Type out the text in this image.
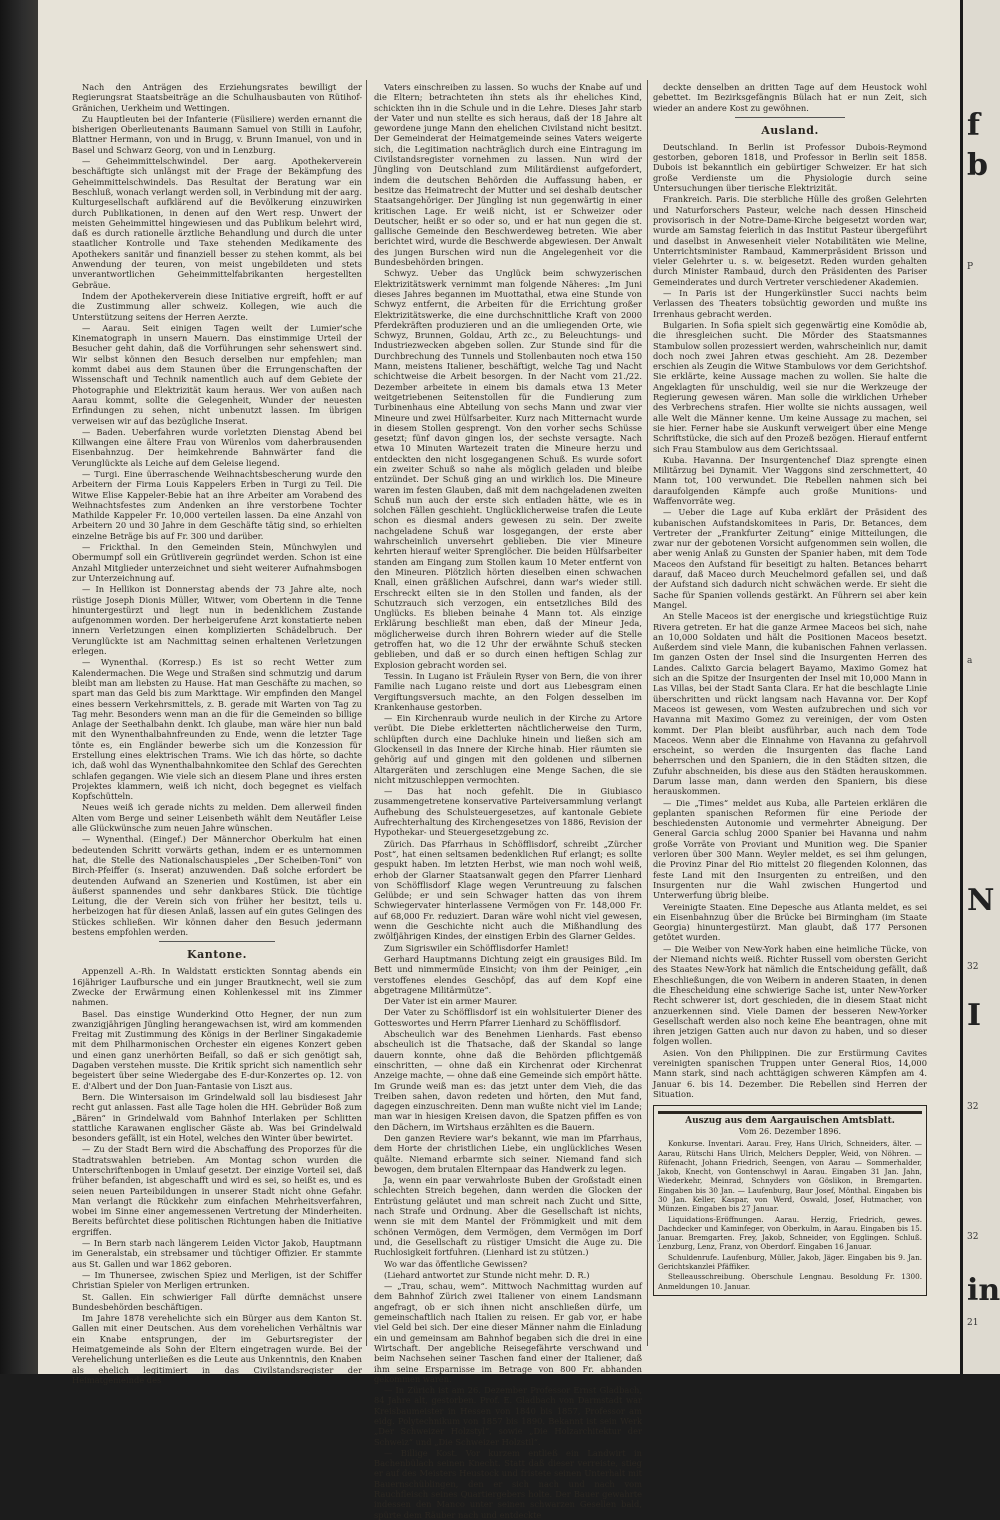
Nach den Anträgen des Erziehungsrates bewilligt der Regierungsrat Staatsbeiträge an die Schulhausbauten von Rütihof-Gränichen, Uerkheim und Wettingen.

Zu Hauptleuten bei der Infanterie (Füsiliere) werden ernannt die bisherigen Oberlieutenants Baumann Samuel von Stilli in Laufohr, Blattner Hermann, von und in Brugg, v. Brunn Imanuel, von und in Basel und Schwarz Georg, von und in Lenzburg.

— Geheimmittelschwindel. Der aarg. Apothekerverein beschäftigte sich unlängst mit der Frage der Bekämpfung des Geheimmittelschwindels. Das Resultat der Beratung war ein Beschluß, wonach verlangt werden soll, in Verbindung mit der aarg. Kulturgesellschaft aufklärend auf die Bevölkerung einzuwirken durch Publikationen, in denen auf den Wert resp. Unwert der meisten Geheimmittel hingewiesen und das Publikum belehrt wird, daß es durch rationelle ärztliche Behandlung und durch die unter staatlicher Kontrolle und Taxe stehenden Medikamente des Apothekers sanitär und finanziell besser zu stehen kommt, als bei Anwendung der teuren, von meist ungebildeten und stets unverantwortlichen Geheimmittelfabrikanten hergestellten Gebräue.

Indem der Apothekerverein diese Initiative ergreift, hofft er auf die Zustimmung aller schweiz. Kollegen, wie auch die Unterstützung seitens der Herren Aerzte.

— Aarau. Seit einigen Tagen weilt der Lumier'sche Kinematograph in unsern Mauern. Das einstimmige Urteil der Besucher geht dahin, daß die Vorführungen sehr sehenswert sind. Wir selbst können den Besuch derselben nur empfehlen; man kommt dabei aus dem Staunen über die Errungenschaften der Wissenschaft und Technik namentlich auch auf dem Gebiete der Photographie und Elektrizität kaum heraus. Wer von außen nach Aarau kommt, sollte die Gelegenheit, Wunder der neuesten Erfindungen zu sehen, nicht unbenutzt lassen. Im übrigen verweisen wir auf das bezügliche Inserat.

— Baden. Ueberfahren wurde vorletzten Dienstag Abend bei Killwangen eine ältere Frau von Würenlos vom daherbrausenden Eisenbahnzug. Der heimkehrende Bahnwärter fand die Verunglückte als Leiche auf dem Geleise liegend.

— Turgi. Eine überraschende Weihnachtsbescherung wurde den Arbeitern der Firma Louis Kappelers Erben in Turgi zu Teil. Die Witwe Elise Kappeler-Bebie hat an ihre Arbeiter am Vorabend des Weihnachtsfestes zum Andenken an ihre verstorbene Tochter Mathilde Kappeler Fr. 10,000 verteilen lassen. Da eine Anzahl von Arbeitern 20 und 30 Jahre in dem Geschäfte tätig sind, so erhielten einzelne Beträge bis auf Fr. 300 und darüber.

— Frickthal. In den Gemeinden Stein, Münchwylen und Obermumpf soll ein Grütliverein gegründet werden. Schon ist eine Anzahl Mitglieder unterzeichnet und sieht weiterer Aufnahmsbogen zur Unterzeichnung auf.

— In Hellikon ist Donnerstag abends der 73 Jahre alte, noch rüstige Joseph Dionis Müller, Witwer, vom Obertenn in die Tenne hinuntergestürzt und liegt nun in bedenklichem Zustande aufgenommen worden. Der herbeigerufene Arzt konstatierte neben innern Verletzungen einen komplizierten Schädelbruch. Der Verunglückte ist am Nachmittag seinen erhaltenen Verletzungen erlegen.

— Wynenthal. (Korresp.) Es ist so recht Wetter zum Kalendermachen. Die Wege und Straßen sind schmutzig und darum bleibt man am liebsten zu Hause. Hat man Geschäfte zu machen, so spart man das Geld bis zum Markttage. Wir empfinden den Mangel eines bessern Verkehrsmittels, z. B. gerade mit Warten von Tag zu Tag mehr. Besonders wenn man an die für die Gemeinden so billige Anlage der Seethalbahn denkt. Ich glaube, man wäre hier nun bald mit den Wynenthalbahnfreunden zu Ende, wenn die letzter Tage tönte es, ein Engländer bewerbe sich um die Konzession für Erstellung eines elektrischen Trams. Wie ich das hörte, so dachte ich, daß wohl das Wynenthalbahnkomitee den Schlaf des Gerechten schlafen gegangen. Wie viele sich an diesem Plane und ihres ersten Projektes klammern, weiß ich nicht, doch begegnet es vielfach Kopfschütteln.

Neues weiß ich gerade nichts zu melden. Dem allerweil finden Alten vom Berge und seiner Leisenbeth wählt dem Neutäfler Leise alle Glückwünsche zum neuen Jahre wünschen.

— Wynenthal. (Eingef.) Der Männerchor Oberkulm hat einen bedeutenden Schritt vorwärts gethan, indem er es unternommen hat, die Stelle des Nationalschauspieles „Der Scheiben-Toni“ von Birch-Pfeiffer (s. Inserat) anzuwenden. Daß solche erfordert be deutenden Aufwand an Szenerien und Kostümen, ist aber ein äußerst spannendes und sehr dankbares Stück. Die tüchtige Leitung, die der Verein sich von früher her besitzt, teils u. herbeizogen hat für diesen Anlaß, lassen auf ein gutes Gelingen des Stückes schließen. Wir können daher den Besuch jedermann bestens empfohlen werden.

Kantone.

Appenzell A.-Rh. In Waldstatt erstickten Sonntag abends ein 16jähriger Laufbursche und ein junger Brautknecht, weil sie zum Zwecke der Erwärmung einen Kohlenkessel mit ins Zimmer nahmen.

Basel. Das einstige Wunderkind Otto Hegner, der nun zum zwanzigjährigen Jüngling herangewachsen ist, wird am kommenden Freitag mit Zustimmung des Königs in der Berliner Singakademie mit dem Philharmonischen Orchester ein eigenes Konzert geben und einen ganz unerhörten Beifall, so daß er sich genötigt sah, Dagaben verstehen musste. Die Kritik spricht sich namentlich sehr begeistert über seine Wiedergabe des E-dur-Konzertes op. 12. von E. d'Albert und der Don Juan-Fantasie von Liszt aus.

Bern. Die Wintersaison im Grindelwald soll lau bisdiesest Jahr recht gut anlassen. Fast alle Tage holen die HH. Gebrüder Boß zum „Bären“ in Grindelwald vom Bahnhof Interlaken per Schlitten stattliche Karawanen englischer Gäste ab. Was bei Grindelwald besonders gefällt, ist ein Hotel, welches den Winter über bewirtet.

— Zu der Stadt Bern wird die Abschaffung des Proporzes für die Stadtratswahlen betrieben. Am Montag schon wurden die Unterschriftenbogen in Umlauf gesetzt. Der einzige Vorteil sei, daß früher befanden, ist abgeschafft und wird es sei, so heißt es, und es seien neuen Parteibildungen in unserer Stadt nicht ohne Gefahr. Man verlangt die Rückkehr zum einfachen Mehrheitsverfahren, wobei im Sinne einer angemessenen Vertretung der Minderheiten. Bereits befürchtet diese politischen Richtungen haben die Initiative ergriffen.

— In Bern starb nach längerem Leiden Victor Jakob, Hauptmann im Generalstab, ein strebsamer und tüchtiger Offizier. Er stammte aus St. Gallen und war 1862 geboren.

— Im Thunersee, zwischen Spiez und Merligen, ist der Schiffer Christian Spieler von Merligen ertrunken.

St. Gallen. Ein schwieriger Fall dürfte demnächst unsere Bundesbehörden beschäftigen.

Im Jahre 1878 verehelichte sich ein Bürger aus dem Kanton St. Gallen mit einer Deutschen. Aus dem vorehelichen Verhältnis war ein Knabe entsprungen, der im Geburtsregister der Heimatgemeinde als Sohn der Eltern eingetragen wurde. Bei der Verehelichung unterließen es die Leute aus Unkenntnis, den Knaben als ehelich legitimiert in das Civilstandsregister der Heimatgemeinde des

Vaters einschreiben zu lassen. So wuchs der Knabe auf und die Eltern; betrachteten ihn stets als ihr eheliches Kind, schickten ihn in die Schule und in die Lehre. Dieses Jahr starb der Vater und nun stellte es sich heraus, daß der 18 Jahre alt gewordene junge Mann den ehelichen Civilstand nicht besitzt. Der Gemeinderat der Heimatgemeinde seines Vaters weigerte sich, die Legitimation nachträglich durch eine Eintragung im Civilstandsregister vornehmen zu lassen. Nun wird der Jüngling von Deutschland zum Militärdienst aufgefordert, indem die deutschen Behörden die Auffassung haben, er besitze das Heimatrecht der Mutter und sei deshalb deutscher Staatsangehöriger. Der Jüngling ist nun gegenwärtig in einer kritischen Lage. Er weiß nicht, ist er Schweizer oder Deutscher, heißt er so oder so, und er hat nun gegen die st. gallische Gemeinde den Beschwerdeweg betreten. Wie aber berichtet wird, wurde die Beschwerde abgewiesen. Der Anwalt des jungen Burschen wird nun die Angelegenheit vor die Bundesbehörden bringen.

Schwyz. Ueber das Unglück beim schwyzerischen Elektrizitätswerk vernimmt man folgende Näheres: „Im Juni dieses Jahres begannen im Muottathal, etwa eine Stunde von Schwyz entfernt, die Arbeiten für die Errichtung großer Elektrizitätswerke, die eine durchschnittliche Kraft von 2000 Pferdekräften produzieren und an die umliegenden Orte, wie Schwyz, Brunnen, Goldau, Arth zc., zu Beleuchtungs- und Industriezwecken abgeben sollen. Zur Stunde sind für die Durchbrechung des Tunnels und Stollenbauten noch etwa 150 Mann, meistens Italiener, beschäftigt, welche Tag und Nacht schichtweise die Arbeit besorgen. In der Nacht vom 21./22. Dezember arbeitete in einem bis damals etwa 13 Meter weitgetriebenen Seitenstollen für die Fundierung zum Turbinenhaus eine Abteilung von sechs Mann und zwar vier Mineure und zwei Hülfsarbeiter. Kurz nach Mitternacht wurde in diesem Stollen gesprengt. Von den vorher sechs Schüsse gesetzt; fünf davon gingen los, der sechste versagte. Nach etwa 10 Minuten Wartezeit traten die Mineure herzu und entdeckten den nicht losgegangenen Schuß. Es wurde sofort ein zweiter Schuß so nahe als möglich geladen und bleibe entzündet. Der Schuß ging an und wirklich los. Die Mineure waren im festen Glauben, daß mit dem nachgeladenen zweiten Schuß nun auch der erste sich entladen hätte, wie es in solchen Fällen geschieht. Unglücklicherweise trafen die Leute schon es diesmal anders gewesen zu sein. Der zweite nachgeladene Schuß war losgegangen, der erste aber wahrscheinlich unversehrt geblieben. Die vier Mineure kehrten hierauf weiter Sprenglöcher. Die beiden Hülfsarbeiter standen am Eingang zum Stollen kaum 10 Meter entfernt von den Mineuren. Plötzlich hörten dieselben einen schwachen Knall, einen gräßlichen Aufschrei, dann war's wieder still. Erschreckt eilten sie in den Stollen und fanden, als der Schutzrauch sich verzogen, ein entsetzliches Bild des Unglücks. Es blieben beinahe 4 Mann tot. Als einzige Erklärung beschließt man eben, daß der Mineur Jeda, möglicherweise durch ihren Bohrern wieder auf die Stelle getroffen hat, wo die 12 Uhr der erwähnte Schuß stecken geblieben, und daß er so durch einen heftigen Schlag zur Explosion gebracht worden sei.

Tessin. In Lugano ist Fräulein Ryser von Bern, die von ihrer Familie nach Lugano reiste und dort aus Liebesgram einen Vergiftungsversuch machte, an den Folgen desselben im Krankenhause gestorben.

— Ein Kirchenraub wurde neulich in der Kirche zu Artore verübt. Die Diebe erkletterten nächtlicherweise den Turm, schlüpften durch eine Dachluke hinein und ließen sich am Glockenseil in das Innere der Kirche hinab. Hier räumten sie gehörig auf und gingen mit den goldenen und silbernen Altargeräten und zerschlugen eine Menge Sachen, die sie nicht mitzuschleppen vermochten.

— Das hat noch gefehlt. Die in Giubiasco zusammengetretene konservative Parteiversammlung verlangt Aufhebung des Schulsteuergesetzes, auf kantonale Gebiete Aufrechterhaltung des Kirchengesetzes von 1886, Revision der Hypothekar- und Steuergesetzgebung zc.

Zürich. Das Pfarrhaus in Schöfflisdorf, schreibt „Zürcher Post“, hat einen seltsamen bedenklichen Ruf erlangt; es sollte gespukt haben. Im letzten Herbst, wie man noch wohl weiß, erhob der Glarner Staatsanwalt gegen den Pfarrer Lienhard von Schöfflisdorf Klage wegen Veruntreuung zu falschen Gelübde; er und sein Schwager hatten das von ihrem Schwiegervater hinterlassene Vermögen von Fr. 148,000 Fr. auf 68,000 Fr. reduziert. Daran wäre wohl nicht viel gewesen, wenn die Geschichte nicht auch die Mißhandlung des zwölfjährigen Kindes, der einstigen Erbin des Glarner Geldes.

Zum Sigriswiler ein Schöfflisdorfer Hamlet!

Gerhard Hauptmanns Dichtung zeigt ein grausiges Bild. Im Bett und nimmermüde Einsicht; von ihm der Peiniger, „ein verstoffenes elendes Geschöpf, das auf dem Kopf eine abgetragene Militärmütze“.

Der Vater ist ein armer Maurer.

Der Vater zu Schöfflisdorf ist ein wohlsituierter Diener des Gotteswortes und Herrn Pfarrer Lienhard zu Schöfflisdorf.

Abscheulich war des Benehmen Lienhards. Fast ebenso abscheulich ist die Thatsache, daß der Skandal so lange dauern konnte, ohne daß die Behörden pflichtgemäß einschritten, — ohne daß ein Kirchenrat oder Kirchenrat Anzeige machte, — ohne daß eine Gemeinde sich empört hätte. Im Grunde weiß man es: das jetzt unter dem Vieh, die das Treiben sahen, davon redeten und hörten, den Mut fand, dagegen einzuschreiten. Denn man wußte nicht viel im Lande; man war in hiesigen Kreisen davon, die Spatzen pfiffen es von den Dächern, im Wirtshaus erzählten es die Bauern.

Den ganzen Reviere war's bekannt, wie man im Pfarrhaus, dem Horte der christlichen Liebe, ein unglückliches Wesen quälte. Niemand erbarmte sich seiner. Niemand fand sich bewogen, dem brutalen Elternpaar das Handwerk zu legen.

Ja, wenn ein paar verwahrloste Buben der Großstadt einen schlechten Streich begehen, dann werden die Glocken der Entrüstung geläutet und man schreit nach Zucht und Sitte, nach Strafe und Ordnung. Aber die Gesellschaft ist nichts, wenn sie mit dem Mantel der Frömmigkeit und mit dem schönen Vermögen, dem Vermögen, dem Vermögen im Dorf und, die Gesellschaft zu rüstiger Umsicht die Auge zu. Die Ruchlosigkeit fortfuhren. (Lienhard ist zu stützen.)

Wo war das öffentliche Gewissen?

(Liehard antwortet zur Stunde nicht mehr. D. R.)

— „Trau, schau, wem“. Mittwoch Nachmittag wurden auf dem Bahnhof Zürich zwei Italiener von einem Landsmann angefragt, ob er sich ihnen nicht anschließen dürfe, um gemeinschaftlich nach Italien zu reisen. Er gab vor, er habe viel Geld bei sich. Der eine dieser Männer nahm die Einladung ein und gemeinsam am Bahnhof begaben sich die drei in eine Wirtschaft. Der angebliche Reisegefährte verschwand und beim Nachsehen seiner Taschen fand einer der Italiener, daß ihm seine Ersparnisse im Betrage von 800 Fr. abhanden gekommen waren.

— In Zürich ist am 26. Dezember Professor Ernst Gladbach, 84 Jahre alt, gestorben. Prof. E. Gladbach von Darmstadt war Kreisbaumeister in Hessen von 1840 bis 1857, Professor am eidg. Polytechnikum von 1857 bis 1890. Bekannt ist sein Werk „Der Schweizer Holzstyl“, sowie „Die Holzarchitektur der Schweiz“ und „Die Schweizer Holzstil“.

— Billige Kost. Vor kurzem entließ ein Landwirt in Bachenbülach seinen Knecht. Statt daß dieser verreiste, stieg er auf des Meisters Heustock und fristete seinen Unterhalt mit Bauernschüblingen, den er sich nach und nach vom Rauchfleisch seines Quartiergebers holte. Der Bauer gewahrte indessen den Manco unter seinen schwarzen Gesellen bald, spürte dem Räuber nach und entdeckte

deckte denselben an dritten Tage auf dem Heustock wohl gebettet. Im Bezirksgefängnis Bülach hat er nun Zeit, sich wieder an andere Kost zu gewöhnen.

Ausland.

Deutschland. In Berlin ist Professor Dubois-Reymond gestorben, geboren 1818, und Professor in Berlin seit 1858. Dubois ist bekanntlich ein gebürtiger Schweizer. Er hat sich große Verdienste um die Physiologie durch seine Untersuchungen über tierische Elektrizität.

Frankreich. Paris. Die sterbliche Hülle des großen Gelehrten und Naturforschers Pasteur, welche nach dessen Hinscheid provisorisch in der Notre-Dame-Kirche beigesetzt worden war, wurde am Samstag feierlich in das Institut Pasteur übergeführt und daselbst in Anwesenheit vieler Notabilitäten wie Meline, Unterrichtsminister Rambaud, Kammerpräsident Brisson und vieler Gelehrter u. s. w. beigesetzt. Reden wurden gehalten durch Minister Rambaud, durch den Präsidenten des Pariser Gemeinderates und durch Vertreter verschiedener Akademien.

— In Paris ist der Hungerkünstler Succi nachts beim Verlassen des Theaters tobsüchtig geworden und mußte ins Irrenhaus gebracht werden.

Bulgarien. In Sofia spielt sich gegenwärtig eine Komödie ab, die ihresgleichen sucht. Die Mörder des Staatsmannes Stambulow sollen prozessiert werden, wahrscheinlich nur, damit doch noch zwei Jahren etwas geschieht. Am 28. Dezember erschien als Zeugin die Witwe Stambulows vor dem Gerichtshof. Sie erklärte, keine Aussage machen zu wollen. Sie halte die Angeklagten für unschuldig, weil sie nur die Werkzeuge der Regierung gewesen wären. Man solle die wirklichen Urheber des Verbrechens strafen. Hier wollte sie nichts aussagen, weil alle Welt die Männer kenne. Um keine Aussage zu machen, sei sie hier. Ferner habe sie Auskunft verweigert über eine Menge Schriftstücke, die sich auf den Prozeß bezögen. Hierauf entfernt sich Frau Stambulow aus dem Gerichtssaal.

Kuba. Havanna. Der Insurgentenchef Diaz sprengte einen Militärzug bei Dynamit. Vier Waggons sind zerschmettert, 40 Mann tot, 100 verwundet. Die Rebellen nahmen sich bei daraufolgenden Kämpfe auch große Munitions- und Waffenvorräte weg.

— Ueber die Lage auf Kuba erklärt der Präsident des kubanischen Aufstandskomitees in Paris, Dr. Betances, dem Vertreter der „Frankfurter Zeitung“ einige Mitteilungen, die zwar nur der gebotenen Vorsicht aufgenommen sein wollen, die aber wenig Anlaß zu Gunsten der Spanier haben, mit dem Tode Maceos den Aufstand für beseitigt zu halten. Betances beharrt darauf, daß Maceo durch Meuchelmord gefallen sei, und daß der Aufstand sich dadurch nicht schwächen werde. Er sieht die Sache für Spanien vollends gestärkt. An Führern sei aber kein Mangel.

An Stelle Maceos ist der energische und kriegstüchtige Ruiz Rivera getreten. Er hat die ganze Armee Maceos bei sich, nahe an 10,000 Soldaten und hält die Positionen Maceos besetzt. Außerdem sind viele Mann, die kubanischen Fahnen verlassen. Im ganzen Osten der Insel sind die Insurgenten Herren des Landes. Calixto Garcia belagert Bayamo, Maximo Gomez hat sich an die Spitze der Insurgenten der Insel mit 10,000 Mann in Las Villas, bei der Stadt Santa Clara. Er hat die beschlagte Linie überschritten und rückt langsam nach Havanna vor. Der Kopf Maceos ist gewesen, vom Westen aufzubrechen und sich vor Havanna mit Maximo Gomez zu vereinigen, der vom Osten kommt. Der Plan bleibt ausführbar, auch nach dem Tode Maceos. Wenn aber die Einnahme von Havanna zu gefahrvoll erscheint, so werden die Insurgenten das flache Land beherrschen und den Spaniern, die in den Städten sitzen, die Zufuhr abschneiden, bis diese aus den Städten herauskommen. Darum lasse man, dann werden den Spaniern, bis diese herauskommen.

— Die „Times“ meldet aus Kuba, alle Parteien erklären die geplanten spanischen Reformen für eine Periode der beschiedensten Autonomie und vermehrter Abneigung. Der General Garcia schlug 2000 Spanier bei Havanna und nahm große Vorräte von Proviant und Munition weg. Die Spanier verloren über 300 Mann. Weyler meldet, es sei ihm gelungen, die Provinz Pinar del Rio mittelst 20 fliegenden Kolonnen, das feste Land mit den Insurgenten zu entreißen, und den Insurgenten nur die Wahl zwischen Hungertod und Unterwerfung übrig bleibe.

Vereinigte Staaten. Eine Depesche aus Atlanta meldet, es sei ein Eisenbahnzug über die Brücke bei Birmingham (im Staate Georgia) hinuntergestürzt. Man glaubt, daß 177 Personen getötet wurden.

— Die Weiber von New-York haben eine heimliche Tücke, von der Niemand nichts weiß. Richter Russell vom obersten Gericht des Staates New-York hat nämlich die Entscheidung gefällt, daß Eheschließungen, die von Weibern in anderen Staaten, in denen die Ehescheidung eine schwierige Sache ist, unter New-Yorker Recht schwerer ist, dort geschieden, die in diesem Staat nicht anzuerkennen sind. Viele Damen der besseren New-Yorker Gesellschaft werden also noch keine Ehe beantragen, ohne mit ihren jetzigen Gatten auch nur davon zu haben, und so dieser folgen wollen.

Asien. Von den Philippinen. Die zur Erstürmung Cavites vereinigten spanischen Truppen unter General Rios, 14,000 Mann stark, sind nach achttägigen schweren Kämpfen am 4. Januar 6. bis 14. Dezember. Die Rebellen sind Herren der Situation.

Auszug aus dem Aargauischen Amtsblatt.
Vom 26. Dezember 1896.

Konkurse. Inventari. Aarau. Frey, Hans Ulrich, Schneiders, älter. — Aarau, Rütschi Hans Ulrich, Melchers Deppler, Weid, von Nöhren. — Rüfenacht, Johann Friedrich, Seengen, von Aarau — Sommerhalder, Jakob, Knecht, von Gontenschwyl in Aarau. Eingaben 31 Jan. Jahn, Wiederkehr, Meinrad, Schnyders von Göslikon, in Bremgarten. Eingaben bis 30 Jan. — Laufenburg, Baur Josef, Mönthal. Eingaben bis 30 Jan. Keller, Kaspar, von Werd, Oswald, Josef, Hutmacher, von Münzen. Eingaben bis 27 Januar.

Liquidations-Eröffnungen. Aarau. Herzig, Friedrich, gewes. Dachdecker und Kaminfeger, von Oberkulm, in Aarau. Eingaben bis 15. Januar. Bremgarten. Frey, Jakob, Schneider, von Egglingen. Schluß. Lenzburg, Lenz, Franz, von Oberdorf. Eingaben 16 Januar.

Schuldenrufe. Laufenburg, Müller, Jakob, Jäger. Eingaben bis 9. Jan. Gerichtskanzlei Pfäffiker.

Stelleausschreibung. Oberschule Lengnau. Besoldung Fr. 1300. Anmeldungen 10. Januar.

f
b
P
a
N
32
I
32
32
in
21
